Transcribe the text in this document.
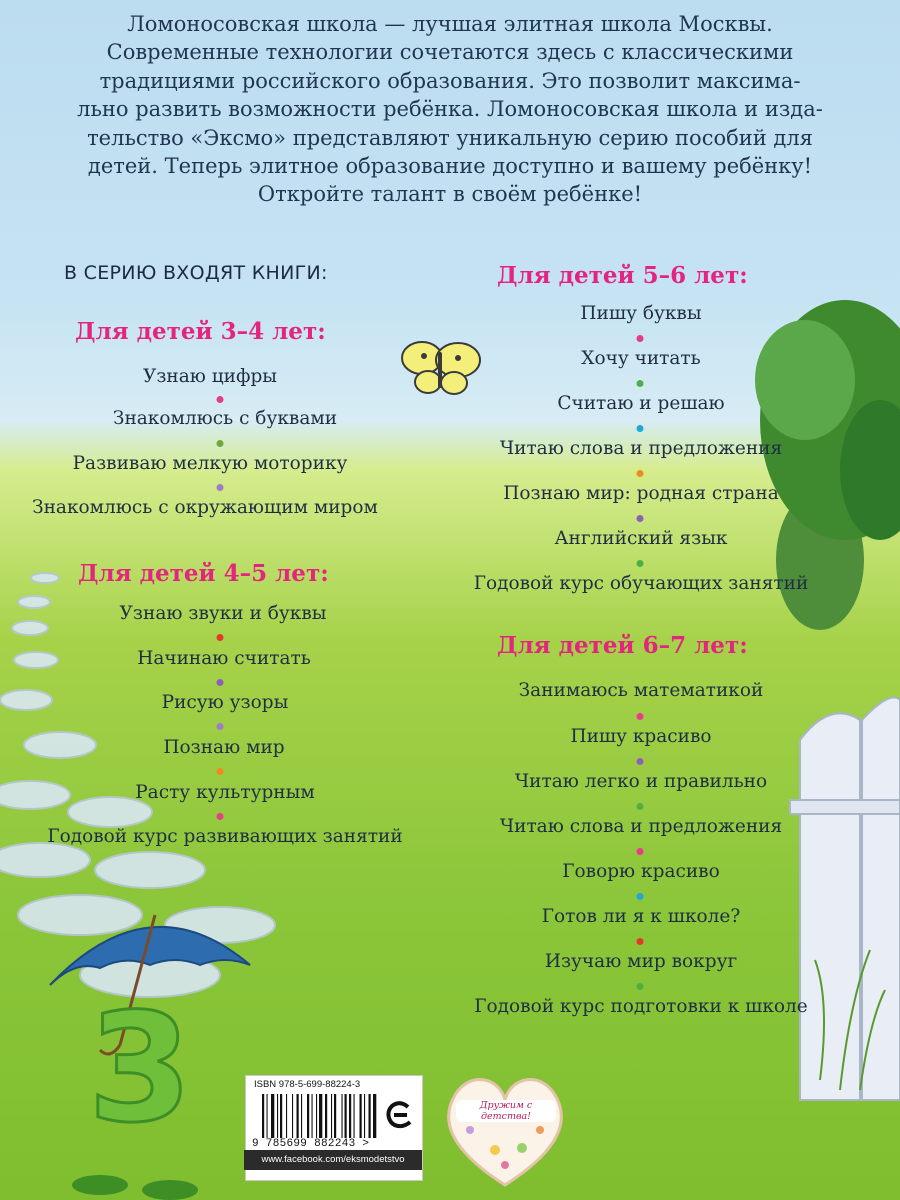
3
Ломоносовская школа — лучшая элитная школа Москвы.
Современные технологии сочетаются здесь с классическими
традициями российского образования. Это позволит максима-
льно развить возможности ребёнка. Ломоносовская школа и изда-
тельство «Эксмо» представляют уникальную серию пособий для
детей. Теперь элитное образование доступно и вашему ребёнку!
Откройте талант в своём ребёнке!
В СЕРИЮ ВХОДЯТ КНИГИ:
Для детей 3–4 лет:
Узнаю цифры
Знакомлюсь с буквами
Развиваю мелкую моторику
Знакомлюсь с окружающим миром
Для детей 4–5 лет:
Узнаю звуки и буквы
Начинаю считать
Рисую узоры
Познаю мир
Расту культурным
Годовой курс развивающих занятий
Для детей 5–6 лет:
Пишу буквы
Хочу читать
Считаю и решаю
Читаю слова и предложения
Познаю мир: родная страна
Английский язык
Годовой курс обучающих занятий
Для детей 6–7 лет:
Занимаюсь математикой
Пишу красиво
Читаю легко и правильно
Читаю слова и предложения
Говорю красиво
Готов ли я к школе?
Изучаю мир вокруг
Годовой курс подготовки к школе
ISBN 978-5-699-88224-3
9 785699 882243 >
www.facebook.com/eksmodetstvo
Дружим с детства!
